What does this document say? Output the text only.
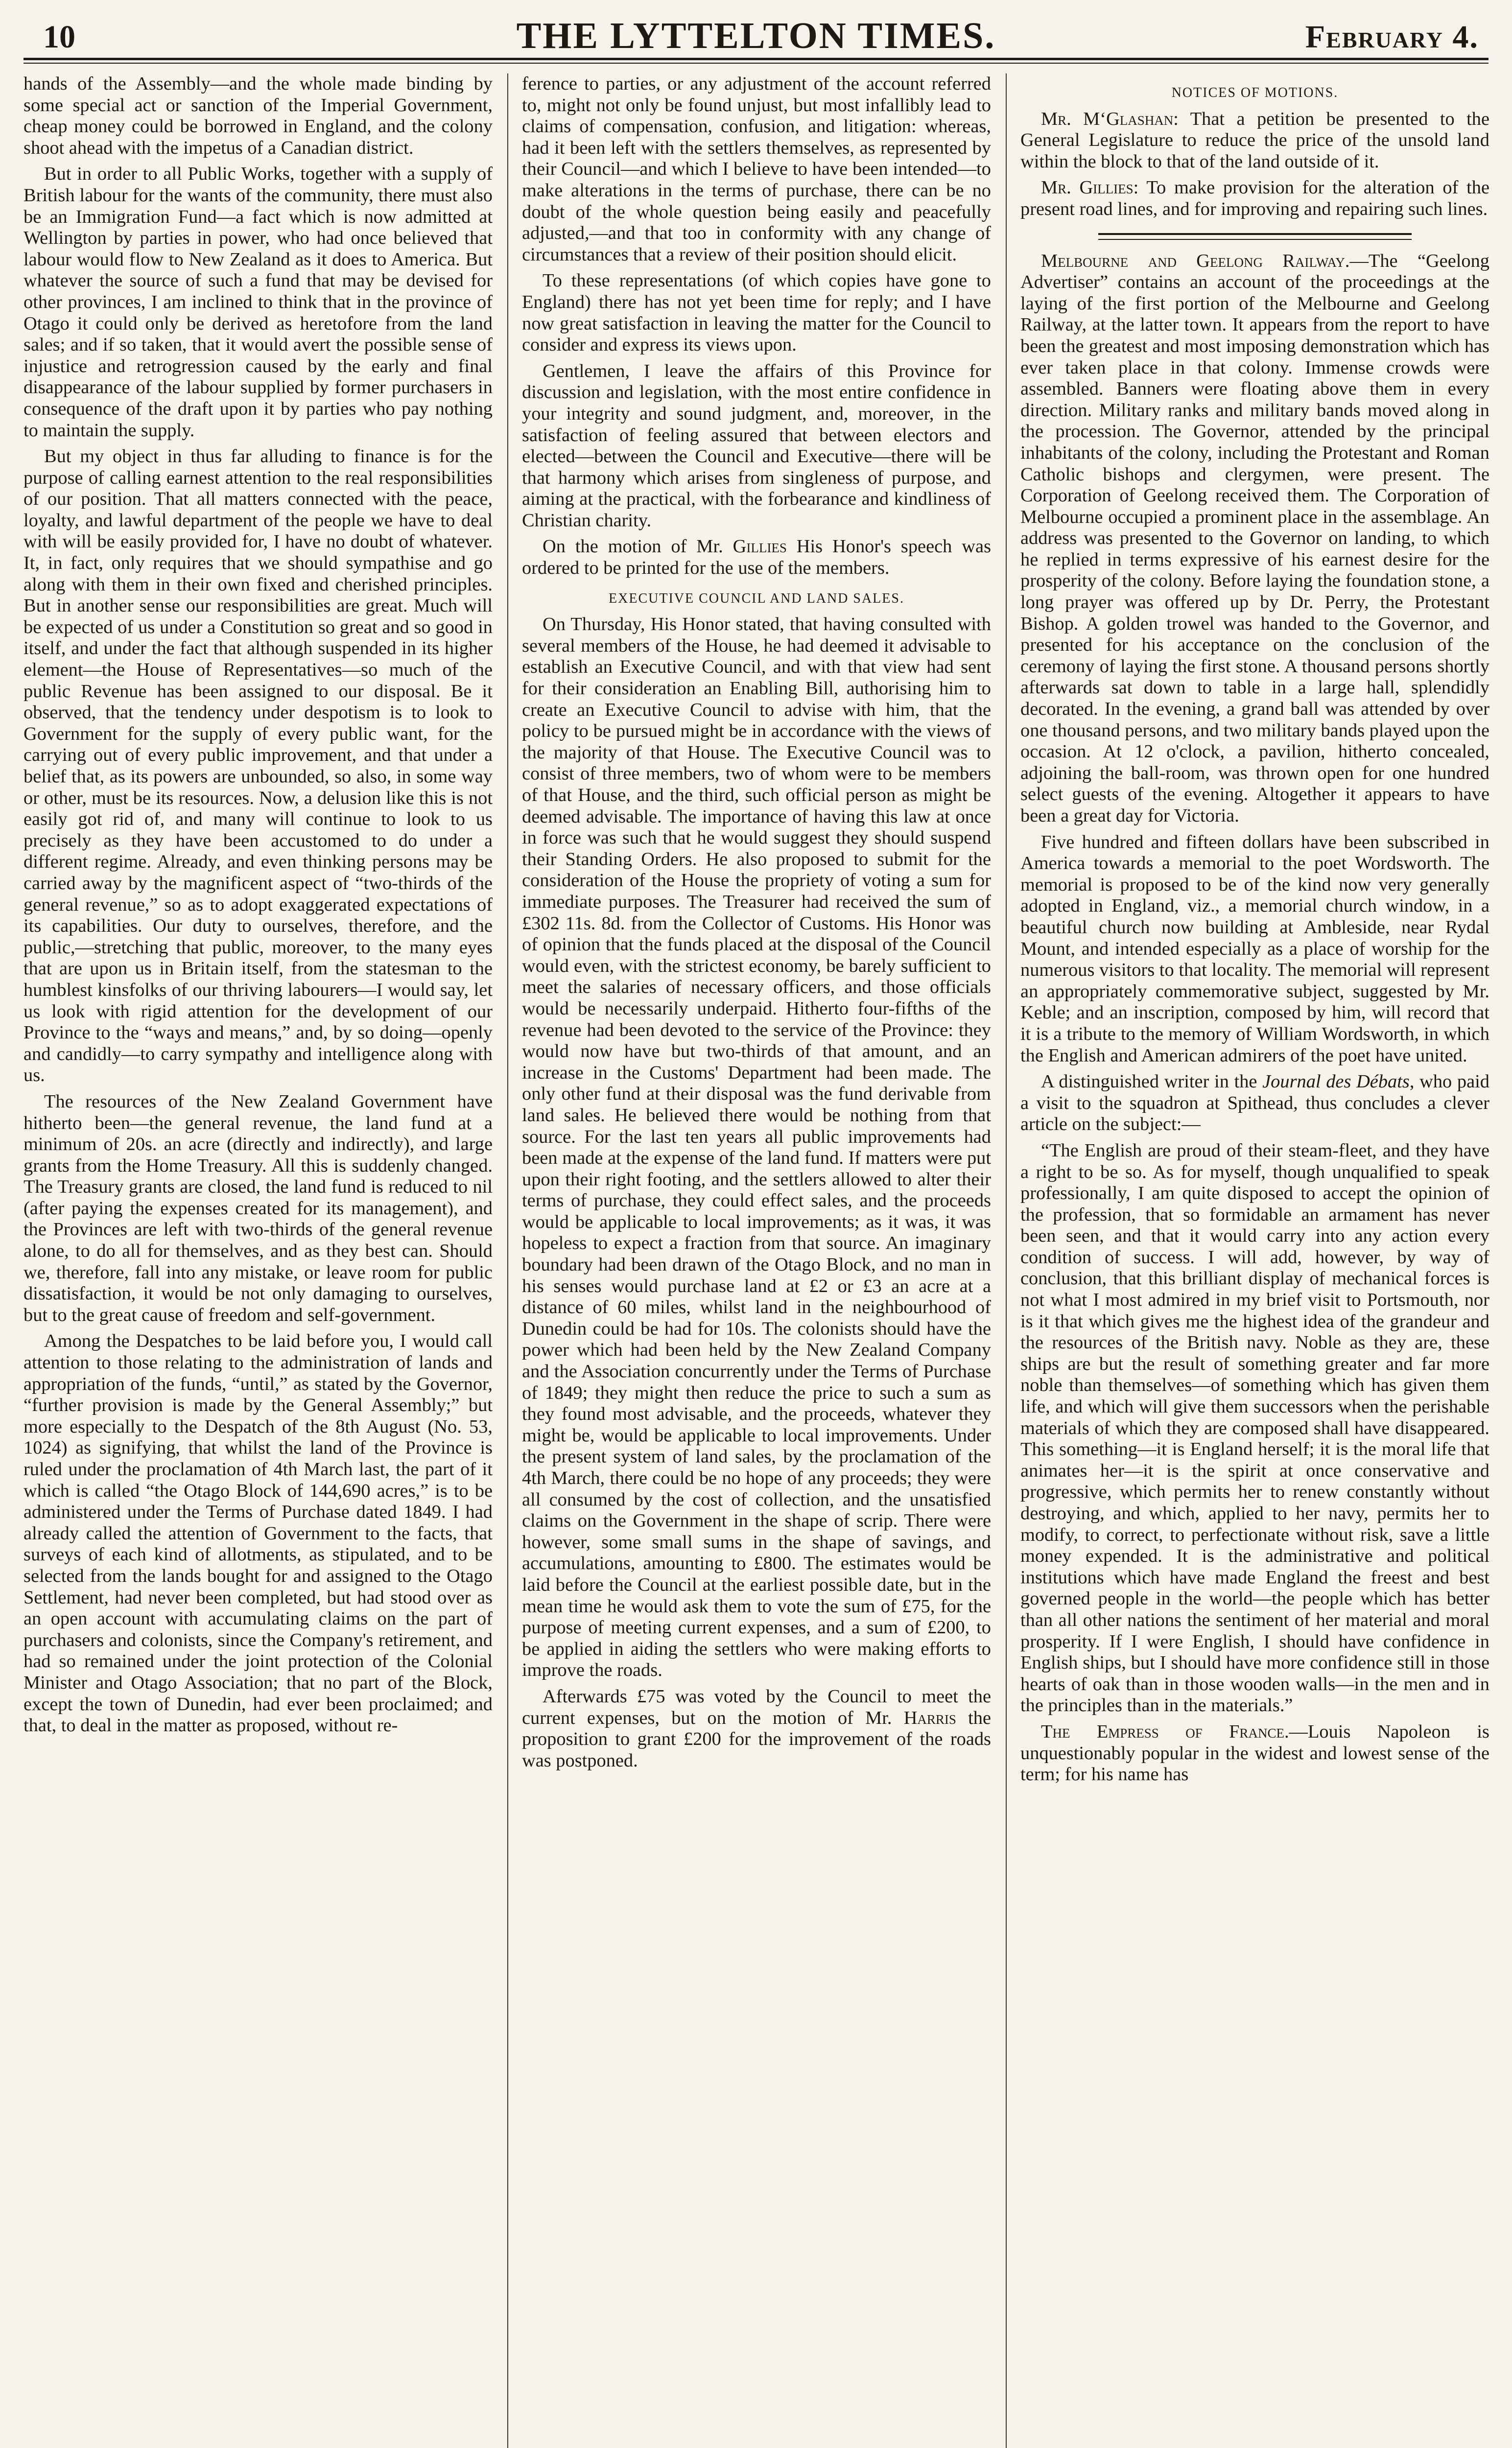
10	THE LYTTELTON TIMES.	February 4.

hands of the Assembly—and the whole made binding by some special act or sanction of the Imperial Government, cheap money could be borrowed in England, and the colony shoot ahead with the impetus of a Canadian district.

But in order to all Public Works, together with a supply of British labour for the wants of the community, there must also be an Immigration Fund—a fact which is now admitted at Wellington by parties in power, who had once believed that labour would flow to New Zealand as it does to America. But whatever the source of such a fund that may be devised for other provinces, I am inclined to think that in the province of Otago it could only be derived as heretofore from the land sales; and if so taken, that it would avert the possible sense of injustice and retrogression caused by the early and final disappearance of the labour supplied by former purchasers in consequence of the draft upon it by parties who pay nothing to maintain the supply.

But my object in thus far alluding to finance is for the purpose of calling earnest attention to the real responsibilities of our position. That all matters connected with the peace, loyalty, and lawful department of the people we have to deal with will be easily provided for, I have no doubt of whatever. It, in fact, only requires that we should sympathise and go along with them in their own fixed and cherished principles. But in another sense our responsibilities are great. Much will be expected of us under a Constitution so great and so good in itself, and under the fact that although suspended in its higher element—the House of Representatives—so much of the public Revenue has been assigned to our disposal. Be it observed, that the tendency under despotism is to look to Government for the supply of every public want, for the carrying out of every public improvement, and that under a belief that, as its powers are unbounded, so also, in some way or other, must be its resources. Now, a delusion like this is not easily got rid of, and many will continue to look to us precisely as they have been accustomed to do under a different regime. Already, and even thinking persons may be carried away by the magnificent aspect of “two-thirds of the general revenue,” so as to adopt exaggerated expectations of its capabilities. Our duty to ourselves, therefore, and the public,—stretching that public, moreover, to the many eyes that are upon us in Britain itself, from the statesman to the humblest kinsfolks of our thriving labourers—I would say, let us look with rigid attention for the development of our Province to the “ways and means,” and, by so doing—openly and candidly—to carry sympathy and intelligence along with us.

The resources of the New Zealand Government have hitherto been—the general revenue, the land fund at a minimum of 20s. an acre (directly and indirectly), and large grants from the Home Treasury. All this is suddenly changed. The Treasury grants are closed, the land fund is reduced to nil (after paying the expenses created for its management), and the Provinces are left with two-thirds of the general revenue alone, to do all for themselves, and as they best can. Should we, therefore, fall into any mistake, or leave room for public dissatisfaction, it would be not only damaging to ourselves, but to the great cause of freedom and self-government.

Among the Despatches to be laid before you, I would call attention to those relating to the administration of lands and appropriation of the funds, “until,” as stated by the Governor, “further provision is made by the General Assembly;” but more especially to the Despatch of the 8th August (No. 53, 1024) as signifying, that whilst the land of the Province is ruled under the proclamation of 4th March last, the part of it which is called “the Otago Block of 144,690 acres,” is to be administered under the Terms of Purchase dated 1849. I had already called the attention of Government to the facts, that surveys of each kind of allotments, as stipulated, and to be selected from the lands bought for and assigned to the Otago Settlement, had never been completed, but had stood over as an open account with accumulating claims on the part of purchasers and colonists, since the Company's retirement, and had so remained under the joint protection of the Colonial Minister and Otago Association; that no part of the Block, except the town of Dunedin, had ever been proclaimed; and that, to deal in the matter as proposed, without re-

ference to parties, or any adjustment of the account referred to, might not only be found unjust, but most infallibly lead to claims of compensation, confusion, and litigation: whereas, had it been left with the settlers themselves, as represented by their Council—and which I believe to have been intended—to make alterations in the terms of purchase, there can be no doubt of the whole question being easily and peacefully adjusted,—and that too in conformity with any change of circumstances that a review of their position should elicit.

To these representations (of which copies have gone to England) there has not yet been time for reply; and I have now great satisfaction in leaving the matter for the Council to consider and express its views upon.

Gentlemen, I leave the affairs of this Province for discussion and legislation, with the most entire confidence in your integrity and sound judgment, and, moreover, in the satisfaction of feeling assured that between electors and elected—between the Council and Executive—there will be that harmony which arises from singleness of purpose, and aiming at the practical, with the forbearance and kindliness of Christian charity.

On the motion of Mr. Gillies His Honor's speech was ordered to be printed for the use of the members.

EXECUTIVE COUNCIL AND LAND SALES.

On Thursday, His Honor stated, that having consulted with several members of the House, he had deemed it advisable to establish an Executive Council, and with that view had sent for their consideration an Enabling Bill, authorising him to create an Executive Council to advise with him, that the policy to be pursued might be in accordance with the views of the majority of that House. The Executive Council was to consist of three members, two of whom were to be members of that House, and the third, such official person as might be deemed advisable. The importance of having this law at once in force was such that he would suggest they should suspend their Standing Orders. He also proposed to submit for the consideration of the House the propriety of voting a sum for immediate purposes. The Treasurer had received the sum of £302 11s. 8d. from the Collector of Customs. His Honor was of opinion that the funds placed at the disposal of the Council would even, with the strictest economy, be barely sufficient to meet the salaries of necessary officers, and those officials would be necessarily underpaid. Hitherto four-fifths of the revenue had been devoted to the service of the Province: they would now have but two-thirds of that amount, and an increase in the Customs' Department had been made. The only other fund at their disposal was the fund derivable from land sales. He believed there would be nothing from that source. For the last ten years all public improvements had been made at the expense of the land fund. If matters were put upon their right footing, and the settlers allowed to alter their terms of purchase, they could effect sales, and the proceeds would be applicable to local improvements; as it was, it was hopeless to expect a fraction from that source. An imaginary boundary had been drawn of the Otago Block, and no man in his senses would purchase land at £2 or £3 an acre at a distance of 60 miles, whilst land in the neighbourhood of Dunedin could be had for 10s. The colonists should have the power which had been held by the New Zealand Company and the Association concurrently under the Terms of Purchase of 1849; they might then reduce the price to such a sum as they found most advisable, and the proceeds, whatever they might be, would be applicable to local improvements. Under the present system of land sales, by the proclamation of the 4th March, there could be no hope of any proceeds; they were all consumed by the cost of collection, and the unsatisfied claims on the Government in the shape of scrip. There were however, some small sums in the shape of savings, and accumulations, amounting to £800. The estimates would be laid before the Council at the earliest possible date, but in the mean time he would ask them to vote the sum of £75, for the purpose of meeting current expenses, and a sum of £200, to be applied in aiding the settlers who were making efforts to improve the roads.

Afterwards £75 was voted by the Council to meet the current expenses, but on the motion of Mr. Harris the proposition to grant £200 for the improvement of the roads was postponed.

NOTICES OF MOTIONS.

Mr. M‘Glashan: That a petition be presented to the General Legislature to reduce the price of the unsold land within the block to that of the land outside of it.

Mr. Gillies: To make provision for the alteration of the present road lines, and for improving and repairing such lines.

Melbourne and Geelong Railway.—The “Geelong Advertiser” contains an account of the proceedings at the laying of the first portion of the Melbourne and Geelong Railway, at the latter town. It appears from the report to have been the greatest and most imposing demonstration which has ever taken place in that colony. Immense crowds were assembled. Banners were floating above them in every direction. Military ranks and military bands moved along in the procession. The Governor, attended by the principal inhabitants of the colony, including the Protestant and Roman Catholic bishops and clergymen, were present. The Corporation of Geelong received them. The Corporation of Melbourne occupied a prominent place in the assemblage. An address was presented to the Governor on landing, to which he replied in terms expressive of his earnest desire for the prosperity of the colony. Before laying the foundation stone, a long prayer was offered up by Dr. Perry, the Protestant Bishop. A golden trowel was handed to the Governor, and presented for his acceptance on the conclusion of the ceremony of laying the first stone. A thousand persons shortly afterwards sat down to table in a large hall, splendidly decorated. In the evening, a grand ball was attended by over one thousand persons, and two military bands played upon the occasion. At 12 o'clock, a pavilion, hitherto concealed, adjoining the ball-room, was thrown open for one hundred select guests of the evening. Altogether it appears to have been a great day for Victoria.

Five hundred and fifteen dollars have been subscribed in America towards a memorial to the poet Wordsworth. The memorial is proposed to be of the kind now very generally adopted in England, viz., a memorial church window, in a beautiful church now building at Ambleside, near Rydal Mount, and intended especially as a place of worship for the numerous visitors to that locality. The memorial will represent an appropriately commemorative subject, suggested by Mr. Keble; and an inscription, composed by him, will record that it is a tribute to the memory of William Wordsworth, in which the English and American admirers of the poet have united.

A distinguished writer in the Journal des Débats, who paid a visit to the squadron at Spithead, thus concludes a clever article on the subject:—

“The English are proud of their steam-fleet, and they have a right to be so. As for myself, though unqualified to speak professionally, I am quite disposed to accept the opinion of the profession, that so formidable an armament has never been seen, and that it would carry into any action every condition of success. I will add, however, by way of conclusion, that this brilliant display of mechanical forces is not what I most admired in my brief visit to Portsmouth, nor is it that which gives me the highest idea of the grandeur and the resources of the British navy. Noble as they are, these ships are but the result of something greater and far more noble than themselves—of something which has given them life, and which will give them successors when the perishable materials of which they are composed shall have disappeared. This something—it is England herself; it is the moral life that animates her—it is the spirit at once conservative and progressive, which permits her to renew constantly without destroying, and which, applied to her navy, permits her to modify, to correct, to perfectionate without risk, save a little money expended. It is the administrative and political institutions which have made England the freest and best governed people in the world—the people which has better than all other nations the sentiment of her material and moral prosperity. If I were English, I should have confidence in English ships, but I should have more confidence still in those hearts of oak than in those wooden walls—in the men and in the principles than in the materials.”

The Empress of France.—Louis Napoleon is unquestionably popular in the widest and lowest sense of the term; for his name has
